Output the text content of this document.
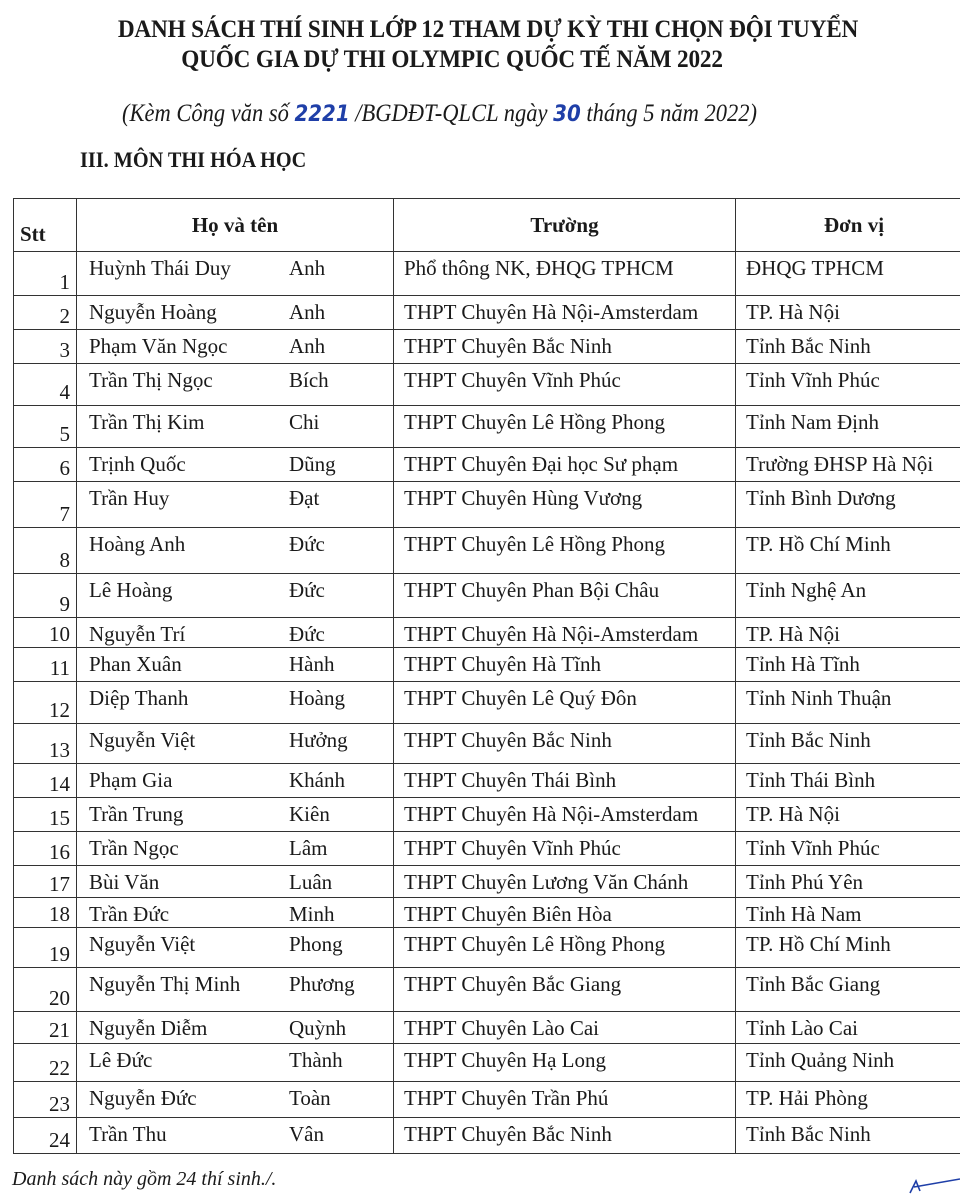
DANH SÁCH THÍ SINH LỚP 12 THAM DỰ KỲ THI CHỌN ĐỘI TUYỂN
QUỐC GIA DỰ THI OLYMPIC QUỐC TẾ NĂM 2022
(Kèm Công văn số 2221 /BGDĐT-QLCL ngày 30 tháng 5 năm 2022)
III. MÔN THI HÓA HỌC
Stt	Họ và tên		Trường	Đơn vị
1	Huỳnh Thái Duy	Anh	Phổ thông NK, ĐHQG TPHCM	ĐHQG TPHCM
2	Nguyễn Hoàng	Anh	THPT Chuyên Hà Nội-Amsterdam	TP. Hà Nội
3	Phạm Văn Ngọc	Anh	THPT Chuyên Bắc Ninh	Tỉnh Bắc Ninh
4	Trần Thị Ngọc	Bích	THPT Chuyên Vĩnh Phúc	Tỉnh Vĩnh Phúc
5	Trần Thị Kim	Chi	THPT Chuyên Lê Hồng Phong	Tỉnh Nam Định
6	Trịnh Quốc	Dũng	THPT Chuyên Đại học Sư phạm	Trường ĐHSP Hà Nội
7	Trần Huy	Đạt	THPT Chuyên Hùng Vương	Tỉnh Bình Dương
8	Hoàng Anh	Đức	THPT Chuyên Lê Hồng Phong	TP. Hồ Chí Minh
9	Lê Hoàng	Đức	THPT Chuyên Phan Bội Châu	Tỉnh Nghệ An
10	Nguyễn Trí	Đức	THPT Chuyên Hà Nội-Amsterdam	TP. Hà Nội
11	Phan Xuân	Hành	THPT Chuyên Hà Tĩnh	Tỉnh Hà Tĩnh
12	Diệp Thanh	Hoàng	THPT Chuyên Lê Quý Đôn	Tỉnh Ninh Thuận
13	Nguyễn Việt	Hưởng	THPT Chuyên Bắc Ninh	Tỉnh Bắc Ninh
14	Phạm Gia	Khánh	THPT Chuyên Thái Bình	Tỉnh Thái Bình
15	Trần Trung	Kiên	THPT Chuyên Hà Nội-Amsterdam	TP. Hà Nội
16	Trần Ngọc	Lâm	THPT Chuyên Vĩnh Phúc	Tỉnh Vĩnh Phúc
17	Bùi Văn	Luân	THPT Chuyên Lương Văn Chánh	Tỉnh Phú Yên
18	Trần Đức	Minh	THPT Chuyên Biên Hòa	Tỉnh Hà Nam
19	Nguyễn Việt	Phong	THPT Chuyên Lê Hồng Phong	TP. Hồ Chí Minh
20	Nguyễn Thị Minh	Phương	THPT Chuyên Bắc Giang	Tỉnh Bắc Giang
21	Nguyễn Diễm	Quỳnh	THPT Chuyên Lào Cai	Tỉnh Lào Cai
22	Lê Đức	Thành	THPT Chuyên Hạ Long	Tỉnh Quảng Ninh
23	Nguyễn Đức	Toàn	THPT Chuyên Trần Phú	TP. Hải Phòng
24	Trần Thu	Vân	THPT Chuyên Bắc Ninh	Tỉnh Bắc Ninh
Danh sách này gồm 24 thí sinh./.
